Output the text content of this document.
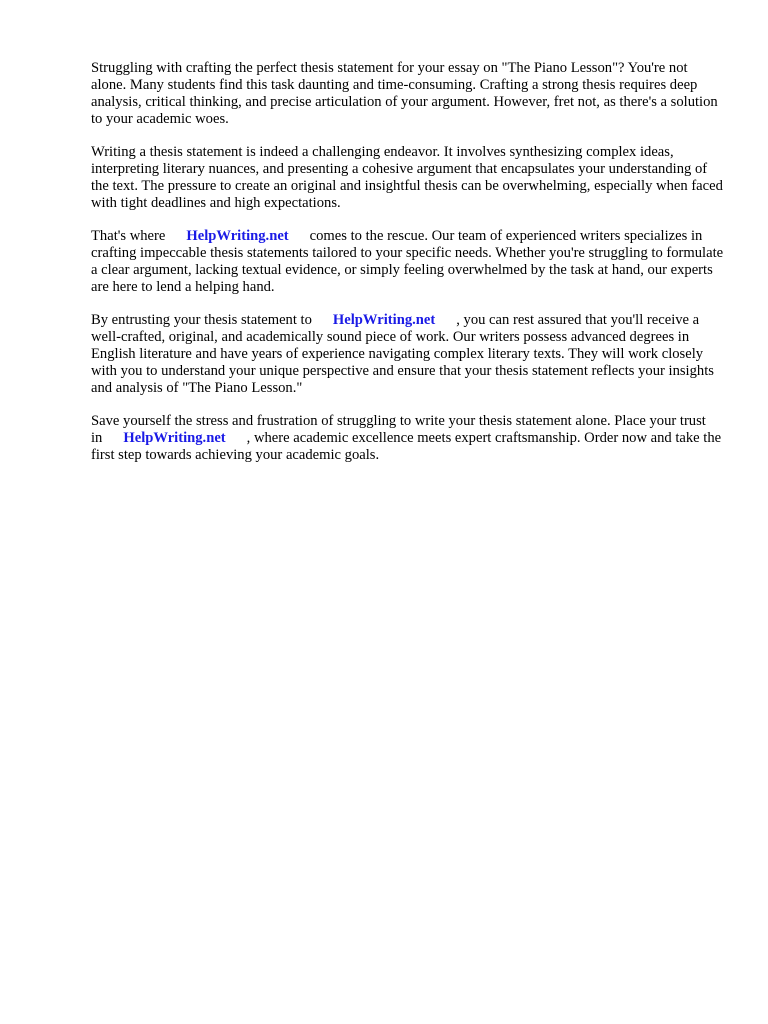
Struggling with crafting the perfect thesis statement for your essay on "The Piano Lesson"? You're not alone. Many students find this task daunting and time-consuming. Crafting a strong thesis requires deep analysis, critical thinking, and precise articulation of your argument. However, fret not, as there's a solution to your academic woes.

Writing a thesis statement is indeed a challenging endeavor. It involves synthesizing complex ideas, interpreting literary nuances, and presenting a cohesive argument that encapsulates your understanding of the text. The pressure to create an original and insightful thesis can be overwhelming, especially when faced with tight deadlines and high expectations.

That's where HelpWriting.net comes to the rescue. Our team of experienced writers specializes in crafting impeccable thesis statements tailored to your specific needs. Whether you're struggling to formulate a clear argument, lacking textual evidence, or simply feeling overwhelmed by the task at hand, our experts are here to lend a helping hand.

By entrusting your thesis statement to HelpWriting.net , you can rest assured that you'll receive a well-crafted, original, and academically sound piece of work. Our writers possess advanced degrees in English literature and have years of experience navigating complex literary texts. They will work closely with you to understand your unique perspective and ensure that your thesis statement reflects your insights and analysis of "The Piano Lesson."

Save yourself the stress and frustration of struggling to write your thesis statement alone. Place your trust in HelpWriting.net , where academic excellence meets expert craftsmanship. Order now and take the first step towards achieving your academic goals.
